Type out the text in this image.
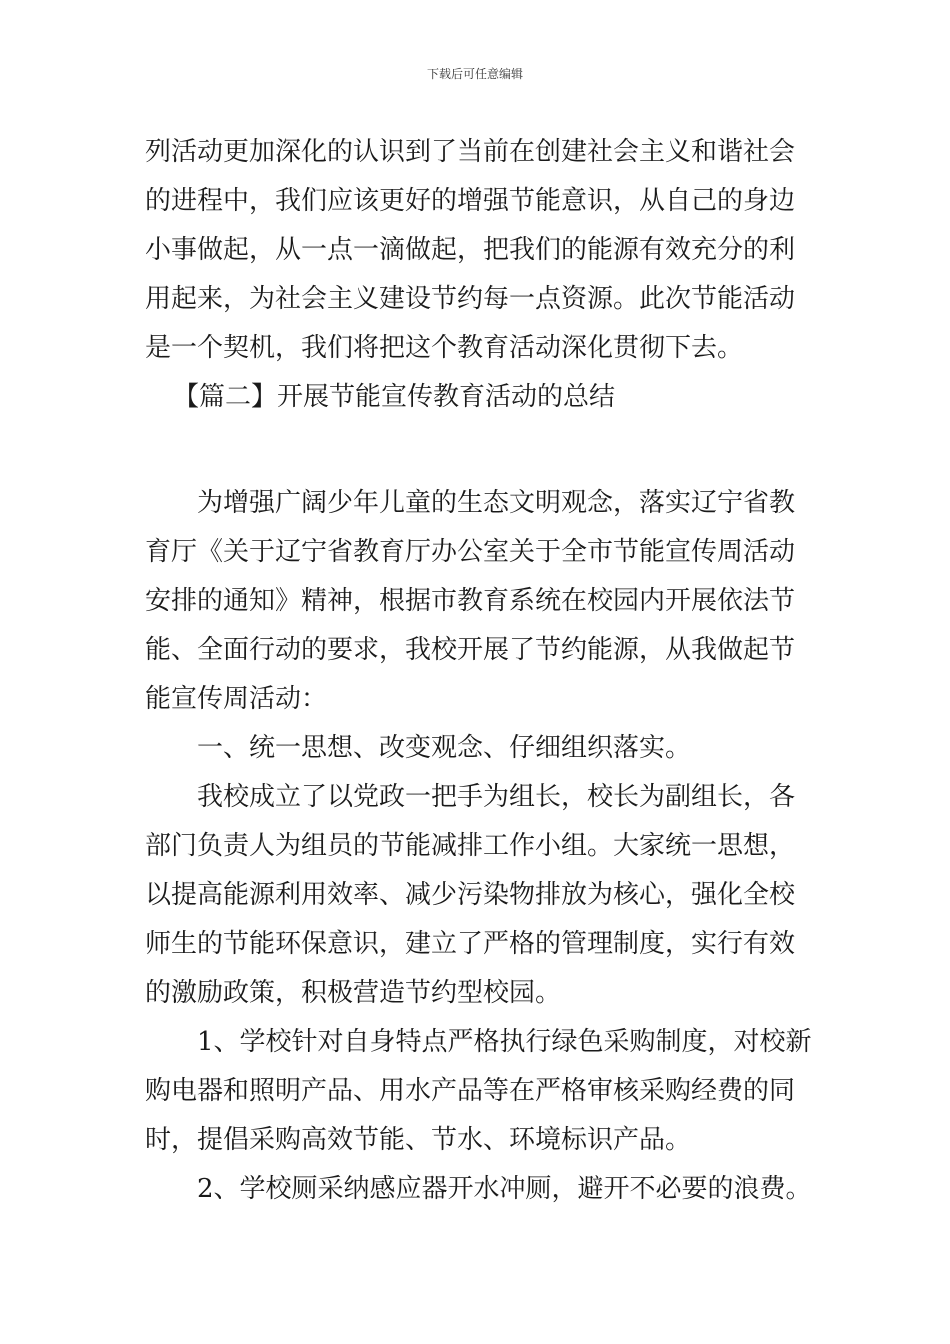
下载后可任意编辑
列活动更加深化的认识到了当前在创建社会主义和谐社会
的进程中，我们应该更好的增强节能意识，从自己的身边
小事做起，从一点一滴做起，把我们的能源有效充分的利
用起来，为社会主义建设节约每一点资源。此次节能活动
是一个契机，我们将把这个教育活动深化贯彻下去。
【篇二】开展节能宣传教育活动的总结
为增强广阔少年儿童的生态文明观念，落实辽宁省教
育厅《关于辽宁省教育厅办公室关于全市节能宣传周活动
安排的通知》精神，根据市教育系统在校园内开展依法节
能、全面行动的要求，我校开展了节约能源，从我做起节
能宣传周活动：
一、统一思想、改变观念、仔细组织落实。
我校成立了以党政一把手为组长，校长为副组长，各
部门负责人为组员的节能减排工作小组。大家统一思想，
以提高能源利用效率、减少污染物排放为核心，强化全校
师生的节能环保意识，建立了严格的管理制度，实行有效
的激励政策，积极营造节约型校园。
1、学校针对自身特点严格执行绿色采购制度，对校新
购电器和照明产品、用水产品等在严格审核采购经费的同
时，提倡采购高效节能、节水、环境标识产品。
2、学校厕采纳感应器开水冲厕，避开不必要的浪费。
